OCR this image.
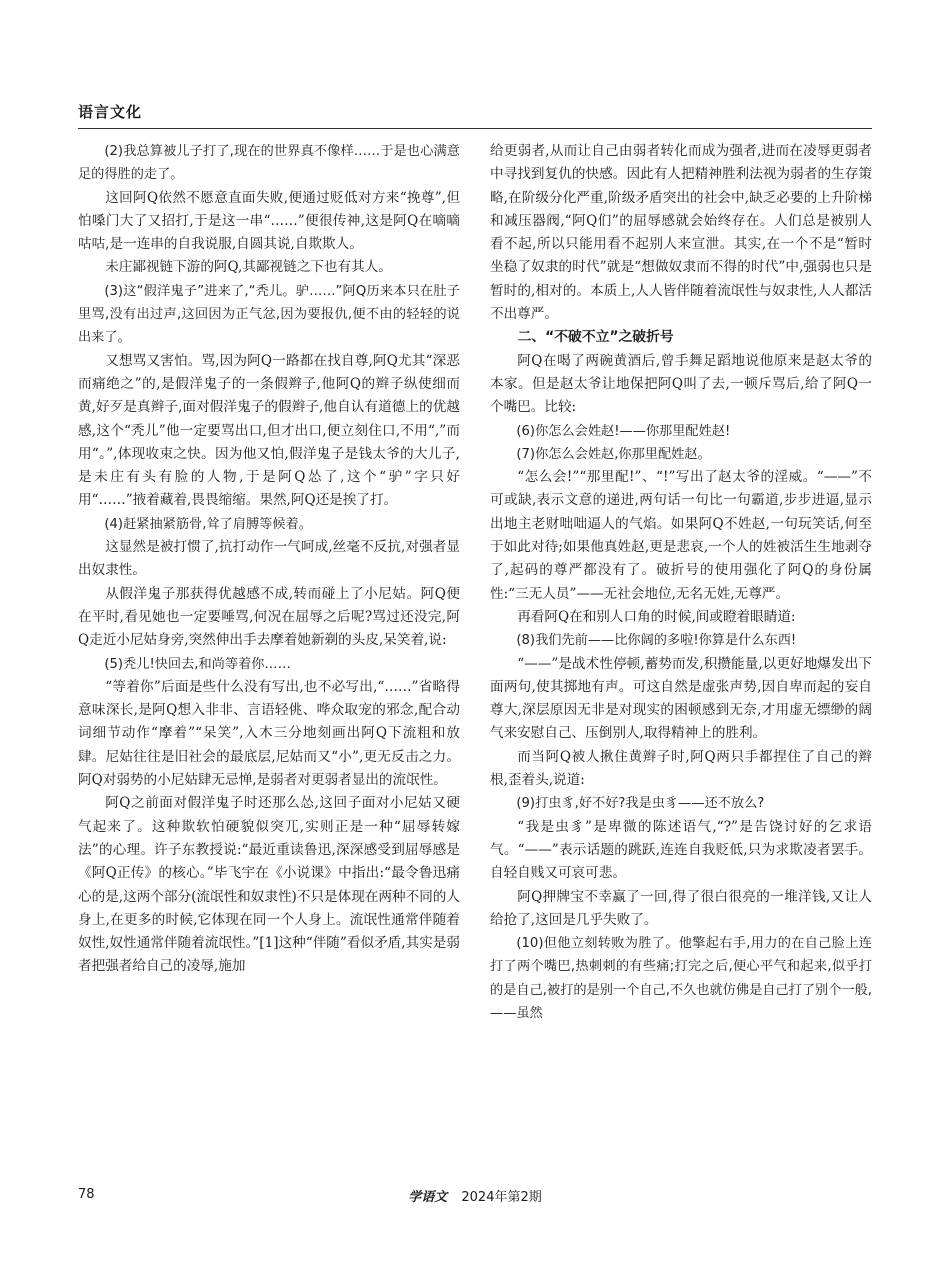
语言文化

(2)我总算被儿子打了,现在的世界真不像样……于是也心满意足的得胜的走了。

这回阿Q依然不愿意直面失败,便通过贬低对方来“挽尊”,但怕嗓门大了又招打,于是这一串“……”便很传神,这是阿Q在嘀嘀咕咕,是一连串的自我说服,自圆其说,自欺欺人。

未庄鄙视链下游的阿Q,其鄙视链之下也有其人。

(3)这“假洋鬼子”进来了,“秃儿。驴……”阿Q历来本只在肚子里骂,没有出过声,这回因为正气忿,因为要报仇,便不由的轻轻的说出来了。

又想骂又害怕。骂,因为阿Q一路都在找自尊,阿Q尤其“深恶而痛绝之”的,是假洋鬼子的一条假辫子,他阿Q的辫子纵使细而黄,好歹是真辫子,面对假洋鬼子的假辫子,他自认有道德上的优越感,这个“秃儿”他一定要骂出口,但才出口,便立刻住口,不用“,”而用“。”,体现收束之快。因为他又怕,假洋鬼子是钱太爷的大儿子,是未庄有头有脸的人物,于是阿Q怂了,这个“驴”字只好用“……”掖着藏着,畏畏缩缩。果然,阿Q还是挨了打。

(4)赶紧抽紧筋骨,耸了肩膊等候着。

这显然是被打惯了,抗打动作一气呵成,丝毫不反抗,对强者显出奴隶性。

从假洋鬼子那获得优越感不成,转而碰上了小尼姑。阿Q便在平时,看见她也一定要唾骂,何况在屈辱之后呢?骂过还没完,阿Q走近小尼姑身旁,突然伸出手去摩着她新剃的头皮,呆笑着,说:

(5)秃儿!快回去,和尚等着你……

“等着你”后面是些什么没有写出,也不必写出,“……”省略得意味深长,是阿Q想入非非、言语轻佻、哗众取宠的邪念,配合动词细节动作“摩着”“呆笑”,入木三分地刻画出阿Q下流粗和放肆。尼姑往往是旧社会的最底层,尼姑而又“小”,更无反击之力。阿Q对弱势的小尼姑肆无忌惮,是弱者对更弱者显出的流氓性。

阿Q之前面对假洋鬼子时还那么怂,这回子面对小尼姑又硬气起来了。这种欺软怕硬貌似突兀,实则正是一种“屈辱转嫁法”的心理。许子东教授说:“最近重读鲁迅,深深感受到屈辱感是《阿Q正传》的核心。”毕飞宇在《小说课》中指出:“最令鲁迅痛心的是,这两个部分(流氓性和奴隶性)不只是体现在两种不同的人身上,在更多的时候,它体现在同一个人身上。流氓性通常伴随着奴性,奴性通常伴随着流氓性。”[1]这种“伴随”看似矛盾,其实是弱者把强者给自己的凌辱,施加

给更弱者,从而让自己由弱者转化而成为强者,进而在凌辱更弱者中寻找到复仇的快感。因此有人把精神胜利法视为弱者的生存策略,在阶级分化严重,阶级矛盾突出的社会中,缺乏必要的上升阶梯和减压器阀,“阿Q们”的屈辱感就会始终存在。人们总是被别人看不起,所以只能用看不起别人来宣泄。其实,在一个不是“暂时坐稳了奴隶的时代”就是“想做奴隶而不得的时代”中,强弱也只是暂时的,相对的。本质上,人人皆伴随着流氓性与奴隶性,人人都活不出尊严。

二、“不破不立”之破折号

阿Q在喝了两碗黄酒后,曾手舞足蹈地说他原来是赵太爷的本家。但是赵太爷让地保把阿Q叫了去,一顿斥骂后,给了阿Q一个嘴巴。比较:

(6)你怎么会姓赵!——你那里配姓赵!

(7)你怎么会姓赵,你那里配姓赵。

“怎么会!”“那里配!”、“!”写出了赵太爷的淫威。“——”不可或缺,表示文意的递进,两句话一句比一句霸道,步步进逼,显示出地主老财咄咄逼人的气焰。如果阿Q不姓赵,一句玩笑话,何至于如此对待;如果他真姓赵,更是悲哀,一个人的姓被活生生地剥夺了,起码的尊严都没有了。破折号的使用强化了阿Q的身份属性:“三无人员”——无社会地位,无名无姓,无尊严。

再看阿Q在和别人口角的时候,间或瞪着眼睛道:

(8)我们先前——比你阔的多啦!你算是什么东西!

“——”是战术性停顿,蓄势而发,积攒能量,以更好地爆发出下面两句,使其掷地有声。可这自然是虚张声势,因自卑而起的妄自尊大,深层原因无非是对现实的困顿感到无奈,才用虚无缥缈的阔气来安慰自己、压倒别人,取得精神上的胜利。

而当阿Q被人揪住黄辫子时,阿Q两只手都捏住了自己的辫根,歪着头,说道:

(9)打虫豸,好不好?我是虫豸——还不放么?

“我是虫豸”是卑微的陈述语气,“?”是告饶讨好的乞求语气。“——”表示话题的跳跃,连连自我贬低,只为求欺凌者罢手。自轻自贱又可哀可悲。

阿Q押牌宝不幸赢了一回,得了很白很亮的一堆洋钱,又让人给抢了,这回是几乎失败了。

(10)但他立刻转败为胜了。他擎起右手,用力的在自己脸上连打了两个嘴巴,热刺刺的有些痛;打完之后,便心平气和起来,似乎打的是自己,被打的是别一个自己,不久也就仿佛是自己打了别个一般,——虽然

78	学语文 2024年第2期
